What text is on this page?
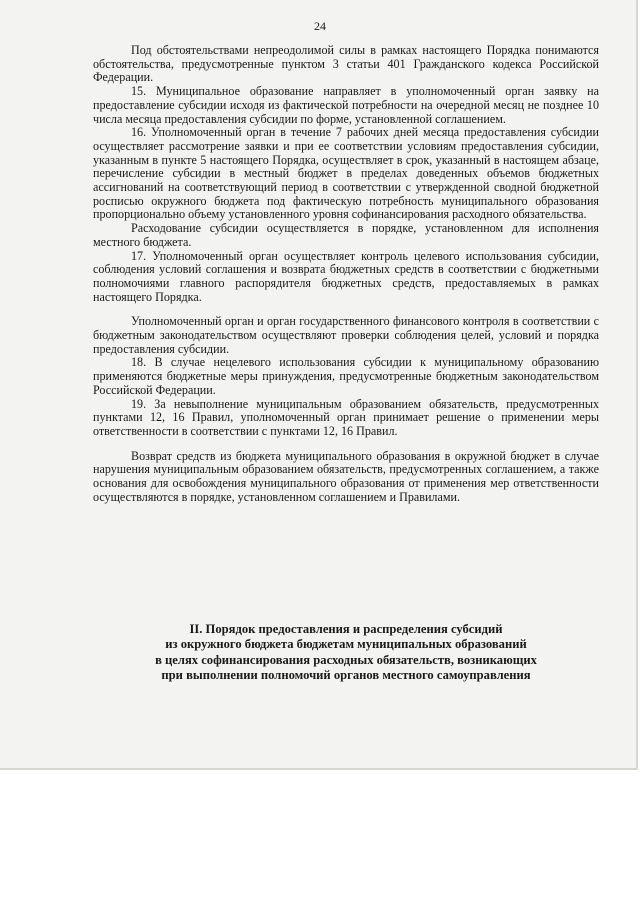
24

Под обстоятельствами непреодолимой силы в рамках настоящего Порядка понимаются обстоятельства, предусмотренные пунктом 3 статьи 401 Гражданского кодекса Российской Федерации.

15. Муниципальное образование направляет в уполномоченный орган заявку на предоставление субсидии исходя из фактической потребности на очередной месяц не позднее 10 числа месяца предоставления субсидии по форме, установленной соглашением.

16. Уполномоченный орган в течение 7 рабочих дней месяца предоставления субсидии осуществляет рассмотрение заявки и при ее соответствии условиям предоставления субсидии, указанным в пункте 5 настоящего Порядка, осуществляет в срок, указанный в настоящем абзаце, перечисление субсидии в местный бюджет в пределах доведенных объемов бюджетных ассигнований на соответствующий период в соответствии с утвержденной сводной бюджетной росписью окружного бюджета под фактическую потребность муниципального образования пропорционально объему установленного уровня софинансирования расходного обязательства.

Расходование субсидии осуществляется в порядке, установленном для исполнения местного бюджета.

17. Уполномоченный орган осуществляет контроль целевого использования субсидии, соблюдения условий соглашения и возврата бюджетных средств в соответствии с бюджетными полномочиями главного распорядителя бюджетных средств, предоставляемых в рамках настоящего Порядка.

Уполномоченный орган и орган государственного финансового контроля в соответствии с бюджетным законодательством осуществляют проверки соблюдения целей, условий и порядка предоставления субсидии.

18. В случае нецелевого использования субсидии к муниципальному образованию применяются бюджетные меры принуждения, предусмотренные бюджетным законодательством Российской Федерации.

19. За невыполнение муниципальным образованием обязательств, предусмотренных пунктами 12, 16 Правил, уполномоченный орган принимает решение о применении меры ответственности в соответствии с пунктами 12, 16 Правил.

Возврат средств из бюджета муниципального образования в окружной бюджет в случае нарушения муниципальным образованием обязательств, предусмотренных соглашением, а также основания для освобождения муниципального образования от применения мер ответственности осуществляются в порядке, установленном соглашением и Правилами.

II. Порядок предоставления и распределения субсидий
из окружного бюджета бюджетам муниципальных образований
в целях софинансирования расходных обязательств, возникающих
при выполнении полномочий органов местного самоуправления
